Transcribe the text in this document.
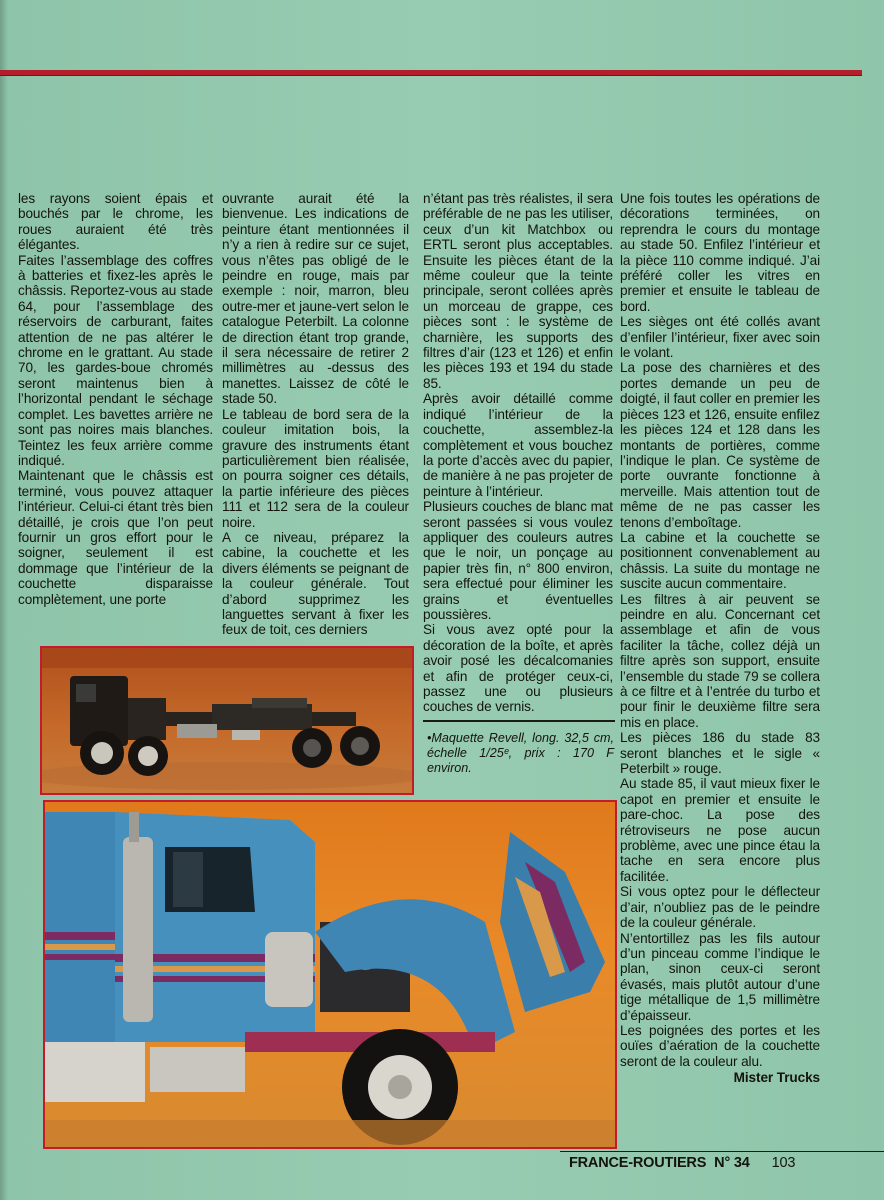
les rayons soient épais et bouchés par le chrome, les roues auraient été très élégantes.

Faites l’assemblage des coffres à batteries et fixez-les après le châssis. Reportez-vous au stade 64, pour l’assemblage des réservoirs de carburant, faites attention de ne pas altérer le chrome en le grattant. Au stade 70, les gardes-boue chromés seront maintenus bien à l’horizontal pendant le séchage complet. Les bavettes arrière ne sont pas noires mais blanches. Teintez les feux arrière comme indiqué.

Maintenant que le châssis est terminé, vous pouvez attaquer l’intérieur. Celui-ci étant très bien détaillé, je crois que l’on peut fournir un gros effort pour le soigner, seulement il est dommage que l’intérieur de la couchette disparaisse complètement, une porte

ouvrante aurait été la bienvenue. Les indications de peinture étant mentionnées il n’y a rien à redire sur ce sujet, vous n’êtes pas obligé de le peindre en rouge, mais par exemple : noir, marron, bleu outre-mer et jaune-vert selon le catalogue Peterbilt. La colonne de direction étant trop grande, il sera nécessaire de retirer 2 millimètres au -dessus des manettes. Laissez de côté le stade 50.

Le tableau de bord sera de la couleur imitation bois, la gravure des instruments étant particulièrement bien réalisée, on pourra soigner ces détails, la partie inférieure des pièces 111 et 112 sera de la couleur noire.

A ce niveau, préparez la cabine, la couchette et les divers éléments se peignant de la couleur générale. Tout d’abord supprimez les languettes servant à fixer les feux de toit, ces derniers

n’étant pas très réalistes, il sera préférable de ne pas les utiliser, ceux d’un kit Matchbox ou ERTL seront plus acceptables. Ensuite les pièces étant de la même couleur que la teinte principale, seront collées après un morceau de grappe, ces pièces sont : le système de charnière, les supports des filtres d’air (123 et 126) et enfin les pièces 193 et 194 du stade 85.

Après avoir détaillé comme indiqué l’intérieur de la couchette, assemblez-la complètement et vous bouchez la porte d’accès avec du papier, de manière à ne pas projeter de peinture à l’intérieur.

Plusieurs couches de blanc mat seront passées si vous voulez appliquer des couleurs autres que le noir, un ponçage au papier très fin, n° 800 environ, sera effectué pour éliminer les grains et éventuelles poussières.

Si vous avez opté pour la décoration de la boîte, et après avoir posé les décalcomanies et afin de protéger ceux-ci, passez une ou plusieurs couches de vernis.

Une fois toutes les opérations de décorations terminées, on reprendra le cours du montage au stade 50. Enfilez l’intérieur et la pièce 110 comme indiqué. J’ai préféré coller les vitres en premier et ensuite le tableau de bord.

Les sièges ont été collés avant d’enfiler l’intérieur, fixer avec soin le volant.

La pose des charnières et des portes demande un peu de doigté, il faut coller en premier les pièces 123 et 126, ensuite enfilez les pièces 124 et 128 dans les montants de portières, comme l’indique le plan. Ce système de porte ouvrante fonctionne à merveille. Mais attention tout de même de ne pas casser les tenons d’emboîtage.

La cabine et la couchette se positionnent convenablement au châssis. La suite du montage ne suscite aucun commentaire.

Les filtres à air peuvent se peindre en alu. Concernant cet assemblage et afin de vous faciliter la tâche, collez déjà un filtre après son support, ensuite l’ensemble du stade 79 se collera à ce filtre et à l’entrée du turbo et pour finir le deuxième filtre sera mis en place.

Les pièces 186 du stade 83 seront blanches et le sigle « Peterbilt » rouge.

Au stade 85, il vaut mieux fixer le capot en premier et ensuite le pare-choc. La pose des rétroviseurs ne pose aucun problème, avec une pince étau la tache en sera encore plus facilitée.

Si vous optez pour le déflecteur d’air, n’oubliez pas de le peindre de la couleur générale.

N’entortillez pas les fils autour d’un pinceau comme l’indique le plan, sinon ceux-ci seront évasés, mais plutôt autour d’une tige métallique de 1,5 millimètre d’épaisseur.

Les poignées des portes et les ouïes d’aération de la couchette seront de la couleur alu.

Mister Trucks
•Maquette Revell, long. 32,5 cm, échelle 1/25ᵉ, prix : 170 F environ.
FRANCE-ROUTIERS N° 34 103
